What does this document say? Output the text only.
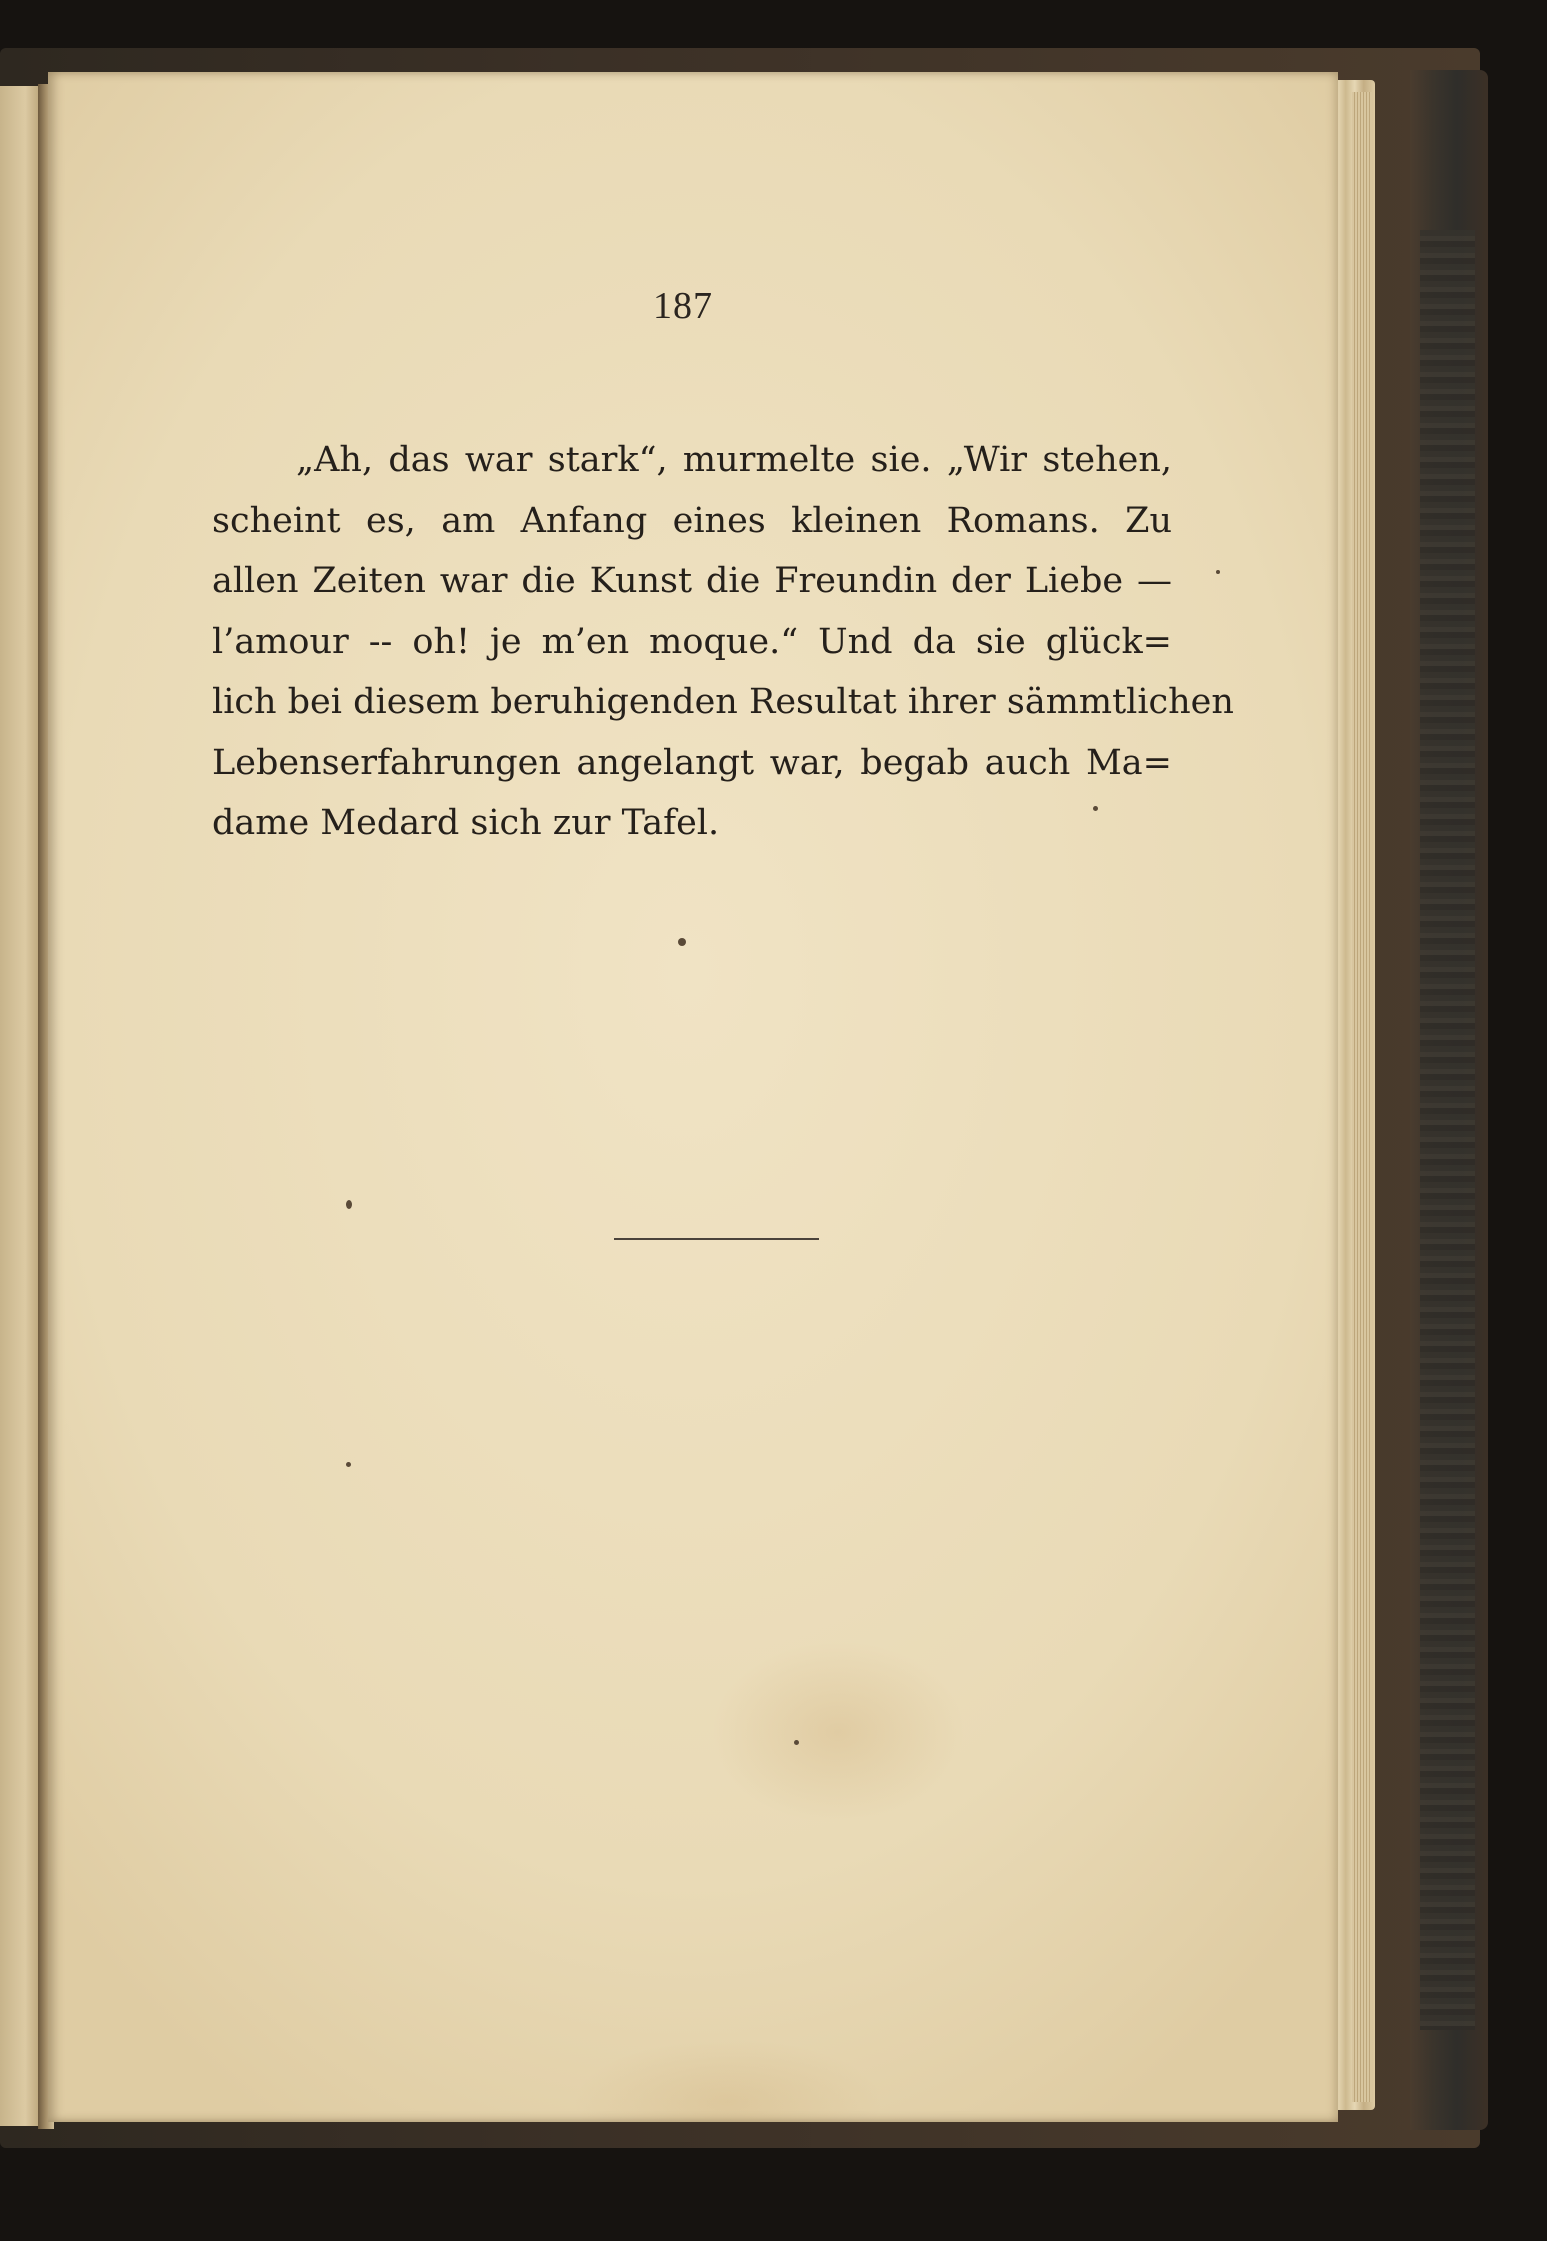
187
„Ah, das war stark“, murmelte sie. „Wir stehen,
scheint es, am Anfang eines kleinen Romans. Zu
allen Zeiten war die Kunst die Freundin der Liebe —
l’amour -- oh! je m’en moque.“ Und da sie glück=
lich bei diesem beruhigenden Resultat ihrer sämmtlichen
Lebenserfahrungen angelangt war, begab auch Ma=
dame Medard sich zur Tafel.
